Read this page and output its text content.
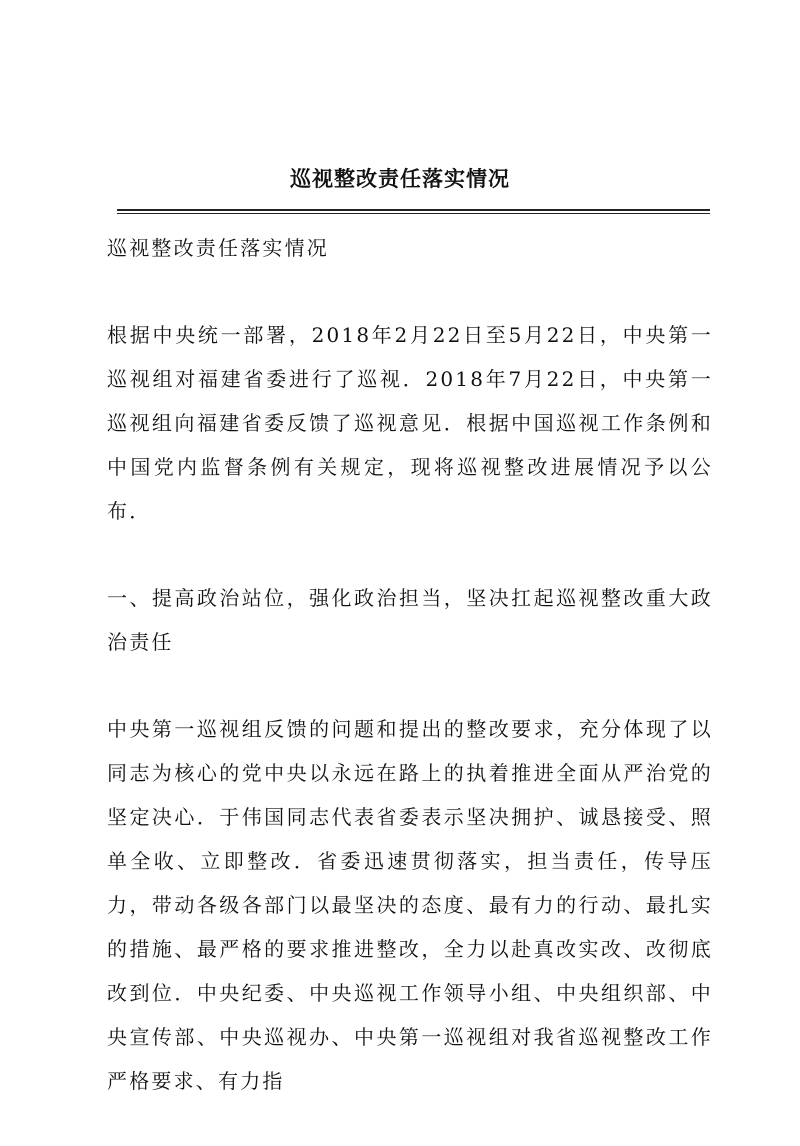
巡视整改责任落实情况

巡视整改责任落实情况

根据中央统一部署，2018年2月22日至5月22日，中央第一巡视组对福建省委进行了巡视．2018年7月22日，中央第一巡视组向福建省委反馈了巡视意见．根据中国巡视工作条例和中国党内监督条例有关规定，现将巡视整改进展情况予以公布．

一、提高政治站位，强化政治担当，坚决扛起巡视整改重大政治责任

中央第一巡视组反馈的问题和提出的整改要求，充分体现了以同志为核心的党中央以永远在路上的执着推进全面从严治党的坚定决心．于伟国同志代表省委表示坚决拥护、诚恳接受、照单全收、立即整改．省委迅速贯彻落实，担当责任，传导压力，带动各级各部门以最坚决的态度、最有力的行动、最扎实的措施、最严格的要求推进整改，全力以赴真改实改、改彻底改到位．中央纪委、中央巡视工作领导小组、中央组织部、中央宣传部、中央巡视办、中央第一巡视组对我省巡视整改工作严格要求、有力指
